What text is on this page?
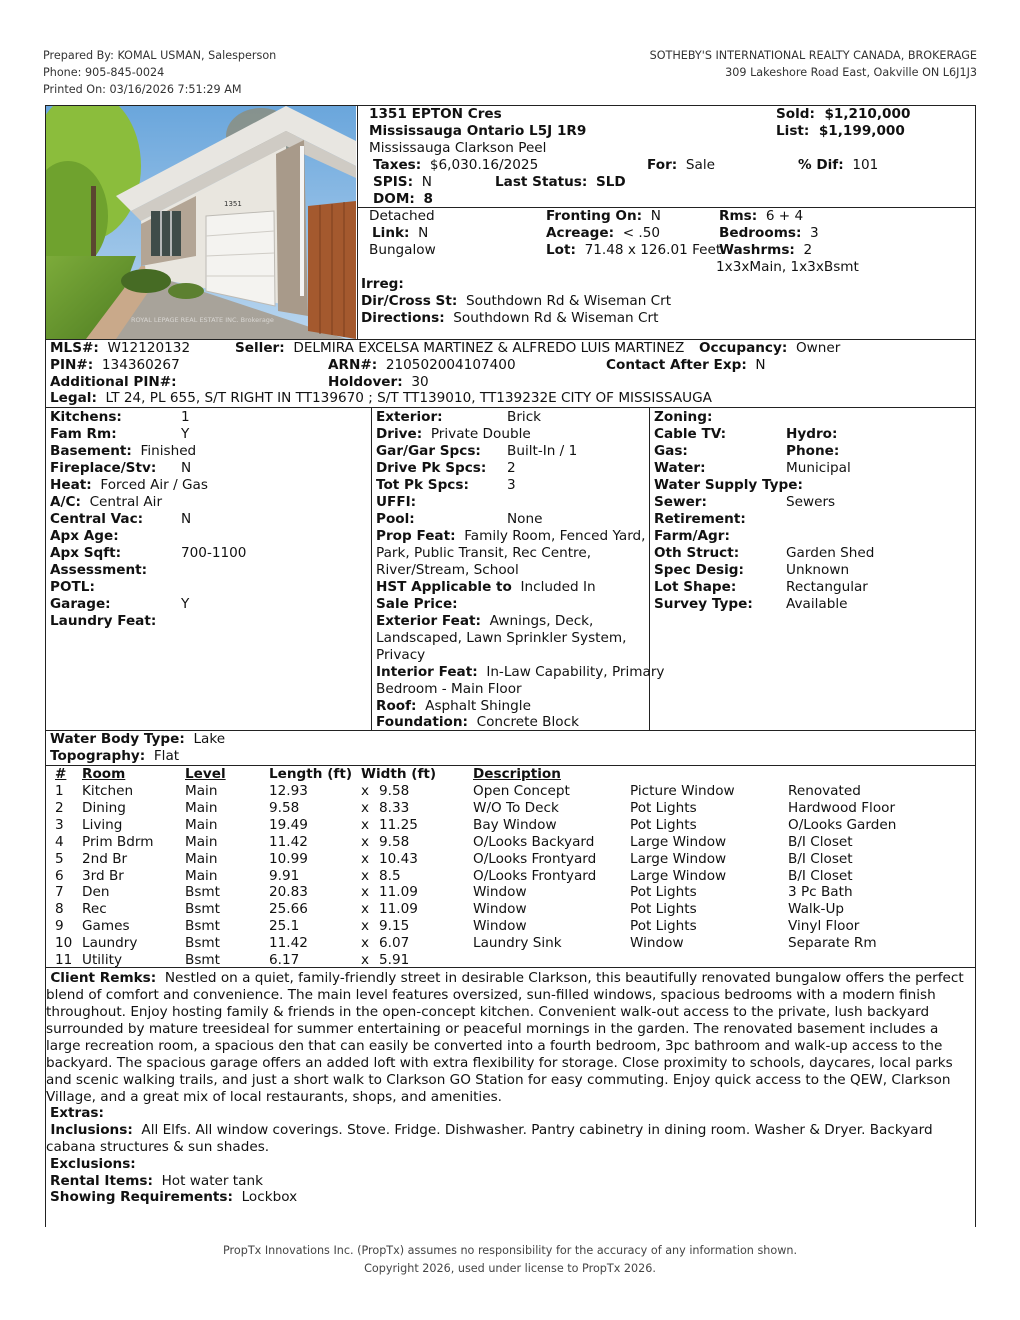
Prepared By: KOMAL USMAN, Salesperson
Phone: 905-845-0024
Printed On: 03/16/2026 7:51:29 AM
SOTHEBY'S INTERNATIONAL REALTY CANADA, BROKERAGE
309 Lakeshore Road East, Oakville ON L6J1J3
1351
ROYAL LEPAGE REAL ESTATE INC. Brokerage
1351 EPTON Cres
Mississauga Ontario L5J 1R9
Mississauga Clarkson Peel
Taxes: $6,030.16/2025	For: Sale	% Dif: 101
SPIS: N	Last Status: SLD
DOM: 8
Sold: $1,210,000
List: $1,199,000
Detached
Link: N
Bungalow
Fronting On: N
Acreage: < .50
Lot: 71.48 x 126.01 Feet
Rms: 6 + 4
Bedrooms: 3
Washrms: 2
1x3xMain, 1x3xBsmt
Irreg:
Dir/Cross St: Southdown Rd & Wiseman Crt
Directions: Southdown Rd & Wiseman Crt
MLS#: W12120132	Seller: DELMIRA EXCELSA MARTINEZ & ALFREDO LUIS MARTINEZ Occupancy: Owner
PIN#: 134360267	ARN#: 210502004107400	Contact After Exp: N
Additional PIN#:	Holdover: 30
Legal: LT 24, PL 655, S/T RIGHT IN TT139670 ; S/T TT139010, TT139232E CITY OF MISSISSAUGA
Kitchens:	1
Fam Rm:	Y
Basement: Finished
Fireplace/Stv: N
Heat: Forced Air / Gas
A/C: Central Air
Central Vac:	N
Apx Age:
Apx Sqft:	700-1100
Assessment:
POTL:
Garage:	Y
Laundry Feat:
Exterior:	Brick
Drive: Private Double
Gar/Gar Spcs: Built-In / 1
Drive Pk Spcs: 2
Tot Pk Spcs:	3
UFFI:
Pool:	None
Prop Feat: Family Room, Fenced Yard,
Park, Public Transit, Rec Centre,
River/Stream, School
HST Applicable to Included In
Sale Price:
Exterior Feat: Awnings, Deck,
Landscaped, Lawn Sprinkler System,
Privacy
Interior Feat: In-Law Capability, Primary
Bedroom - Main Floor
Roof: Asphalt Shingle
Foundation: Concrete Block
Zoning:
Cable TV:	Hydro:
Gas:	Phone:
Water:	Municipal
Water Supply Type:
Sewer:	Sewers
Retirement:
Farm/Agr:
Oth Struct:	Garden Shed
Spec Desig:	Unknown
Lot Shape:	Rectangular
Survey Type: Available
Water Body Type: Lake
Topography: Flat
# Room	Level	Length (ft) Width (ft)	Description
1 Kitchen	Main	12.93	x 9.58	Open Concept	Picture Window	Renovated
2 Dining	Main	9.58	x 8.33	W/O To Deck	Pot Lights	Hardwood Floor
3 Living	Main	19.49	x 11.25	Bay Window	Pot Lights	O/Looks Garden
4 Prim Bdrm Main	11.42	x 9.58	O/Looks Backyard	Large Window	B/I Closet
5 2nd Br	Main	10.99	x 10.43	O/Looks Frontyard Large Window	B/I Closet
6 3rd Br	Main	9.91	x 8.5	O/Looks Frontyard Large Window	B/I Closet
7 Den	Bsmt	20.83	x 11.09	Window	Pot Lights	3 Pc Bath
8 Rec	Bsmt	25.66	x 11.09	Window	Pot Lights	Walk-Up
9 Games	Bsmt	25.1	x 9.15	Window	Pot Lights	Vinyl Floor
10 Laundry	Bsmt	11.42	x 6.07	Laundry Sink	Window	Separate Rm
11 Utility	Bsmt	6.17	x 5.91
Client Remks: Nestled on a quiet, family-friendly street in desirable Clarkson, this beautifully renovated bungalow offers the perfect blend of comfort and convenience. The main level features oversized, sun-filled windows, spacious bedrooms with a modern finish throughout. Enjoy hosting family & friends in the open-concept kitchen. Convenient walk-out access to the private, lush backyard surrounded by mature treesideal for summer entertaining or peaceful mornings in the garden. The renovated basement includes a large recreation room, a spacious den that can easily be converted into a fourth bedroom, 3pc bathroom and walk-up access to the backyard. The spacious garage offers an added loft with extra flexibility for storage. Close proximity to schools, daycares, local parks and scenic walking trails, and just a short walk to Clarkson GO Station for easy commuting. Enjoy quick access to the QEW, Clarkson Village, and a great mix of local restaurants, shops, and amenities.
Extras:
Inclusions: All Elfs. All window coverings. Stove. Fridge. Dishwasher. Pantry cabinetry in dining room. Washer & Dryer. Backyard cabana structures & sun shades.
Exclusions:
Rental Items: Hot water tank
Showing Requirements: Lockbox
PropTx Innovations Inc. (PropTx) assumes no responsibility for the accuracy of any information shown.
Copyright 2026, used under license to PropTx 2026.
